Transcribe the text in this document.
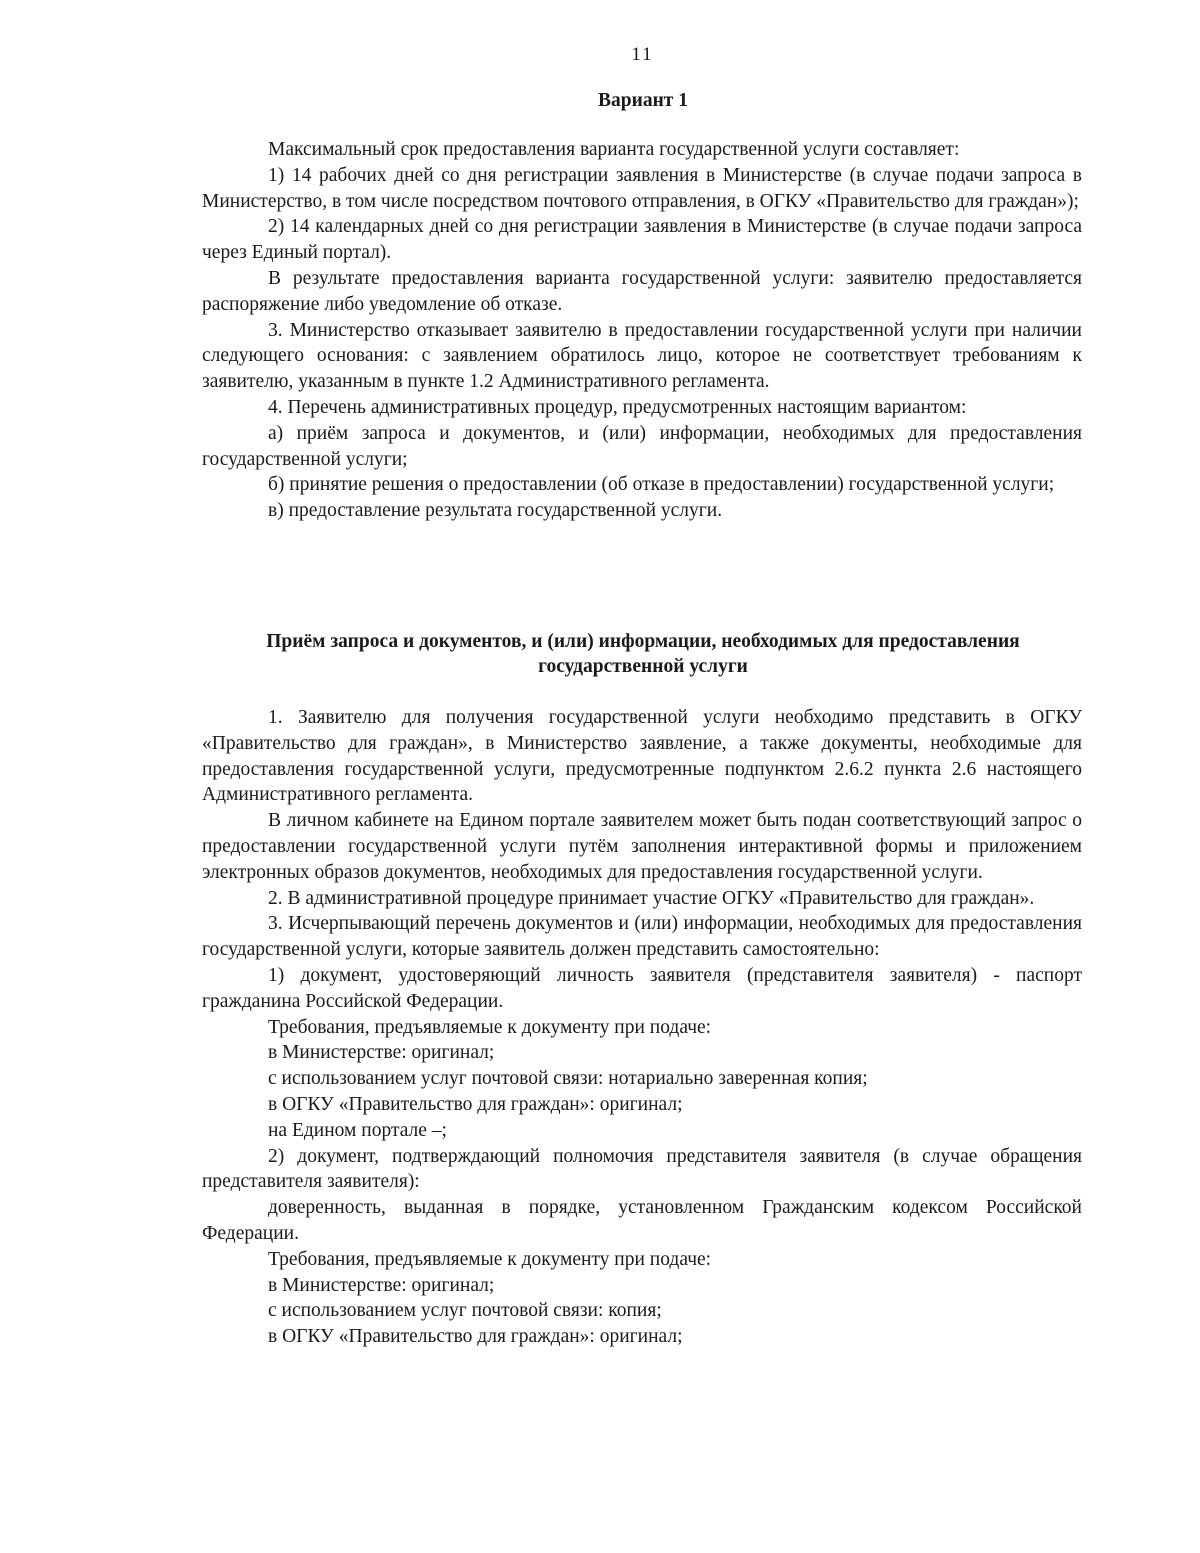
11
Вариант 1

Максимальный срок предоставления варианта государственной услуги составляет:

1) 14 рабочих дней со дня регистрации заявления в Министерстве (в случае подачи запроса в Министерство, в том числе посредством почтового отправления, в ОГКУ «Правительство для граждан»);

2) 14 календарных дней со дня регистрации заявления в Министерстве (в случае подачи запроса через Единый портал).

В результате предоставления варианта государственной услуги: заявителю предоставляется распоряжение либо уведомление об отказе.

3. Министерство отказывает заявителю в предоставлении государственной услуги при наличии следующего основания: с заявлением обратилось лицо, которое не соответствует требованиям к заявителю, указанным в пункте 1.2 Административного регламента.

4. Перечень административных процедур, предусмотренных настоящим вариантом:

а) приём запроса и документов, и (или) информации, необходимых для предоставления государственной услуги;

б) принятие решения о предоставлении (об отказе в предоставлении) государственной услуги;

в) предоставление результата государственной услуги.

Приём запроса и документов, и (или) информации, необходимых для предоставления государственной услуги

1. Заявителю для получения государственной услуги необходимо представить в ОГКУ «Правительство для граждан», в Министерство заявление, а также документы, необходимые для предоставления государственной услуги, предусмотренные подпунктом 2.6.2 пункта 2.6 настоящего Административного регламента.

В личном кабинете на Едином портале заявителем может быть подан соответствующий запрос о предоставлении государственной услуги путём заполнения интерактивной формы и приложением электронных образов документов, необходимых для предоставления государственной услуги.

2. В административной процедуре принимает участие ОГКУ «Правительство для граждан».

3. Исчерпывающий перечень документов и (или) информации, необходимых для предоставления государственной услуги, которые заявитель должен представить самостоятельно:

1) документ, удостоверяющий личность заявителя (представителя заявителя) - паспорт гражданина Российской Федерации.

Требования, предъявляемые к документу при подаче:

в Министерстве: оригинал;

с использованием услуг почтовой связи: нотариально заверенная копия;

в ОГКУ «Правительство для граждан»: оригинал;

на Едином портале –;

2) документ, подтверждающий полномочия представителя заявителя (в случае обращения представителя заявителя):

доверенность, выданная в порядке, установленном Гражданским кодексом Российской Федерации.

Требования, предъявляемые к документу при подаче:

в Министерстве: оригинал;

с использованием услуг почтовой связи: копия;

в ОГКУ «Правительство для граждан»: оригинал;
